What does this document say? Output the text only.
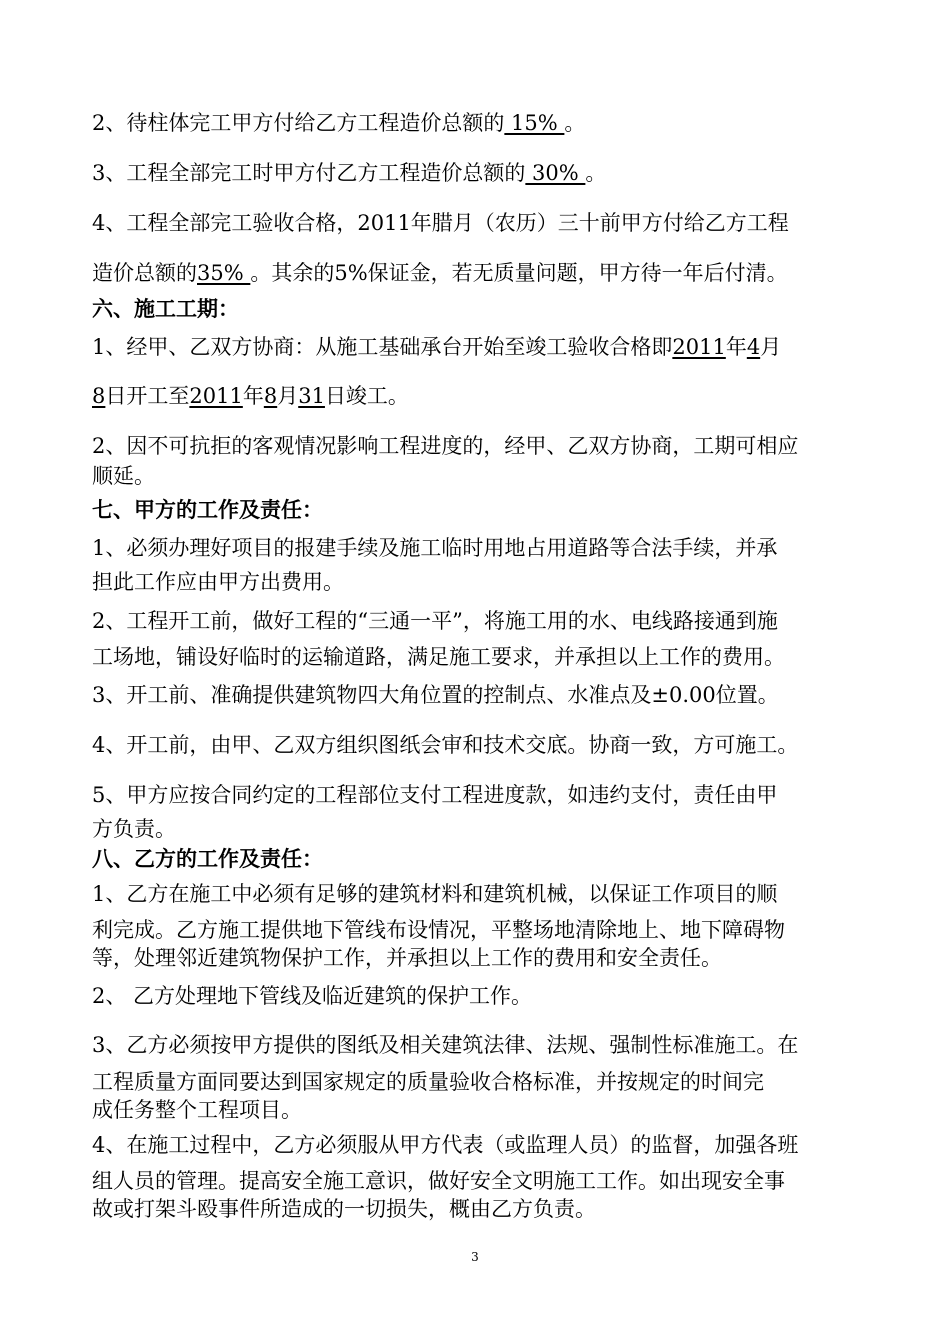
2、待柱体完工甲方付给乙方工程造价总额的 15% 。
3、工程全部完工时甲方付乙方工程造价总额的 30% 。
4、工程全部完工验收合格，2011年腊月（农历）三十前甲方付给乙方工程
造价总额的35% 。其余的5%保证金，若无质量问题，甲方待一年后付清。
六、施工工期：
1、经甲、乙双方协商：从施工基础承台开始至竣工验收合格即2011年4月
8日开工至2011年8月31日竣工。
2、因不可抗拒的客观情况影响工程进度的，经甲、乙双方协商，工期可相应
顺延。
七、甲方的工作及责任：
1、必须办理好项目的报建手续及施工临时用地占用道路等合法手续，并承
担此工作应由甲方出费用。
2、工程开工前，做好工程的“三通一平”，将施工用的水、电线路接通到施
工场地，铺设好临时的运输道路，满足施工要求，并承担以上工作的费用。
3、开工前、准确提供建筑物四大角位置的控制点、水准点及±0.00位置。
4、开工前，由甲、乙双方组织图纸会审和技术交底。协商一致，方可施工。
5、甲方应按合同约定的工程部位支付工程进度款，如违约支付，责任由甲
方负责。
八、乙方的工作及责任：
1、乙方在施工中必须有足够的建筑材料和建筑机械，以保证工作项目的顺
利完成。乙方施工提供地下管线布设情况，平整场地清除地上、地下障碍物
等，处理邻近建筑物保护工作，并承担以上工作的费用和安全责任。
2、 乙方处理地下管线及临近建筑的保护工作。
3、乙方必须按甲方提供的图纸及相关建筑法律、法规、强制性标准施工。在
工程质量方面同要达到国家规定的质量验收合格标准，并按规定的时间完
成任务整个工程项目。
4、在施工过程中，乙方必须服从甲方代表（或监理人员）的监督，加强各班
组人员的管理。提高安全施工意识，做好安全文明施工工作。如出现安全事
故或打架斗殴事件所造成的一切损失，概由乙方负责。
3
